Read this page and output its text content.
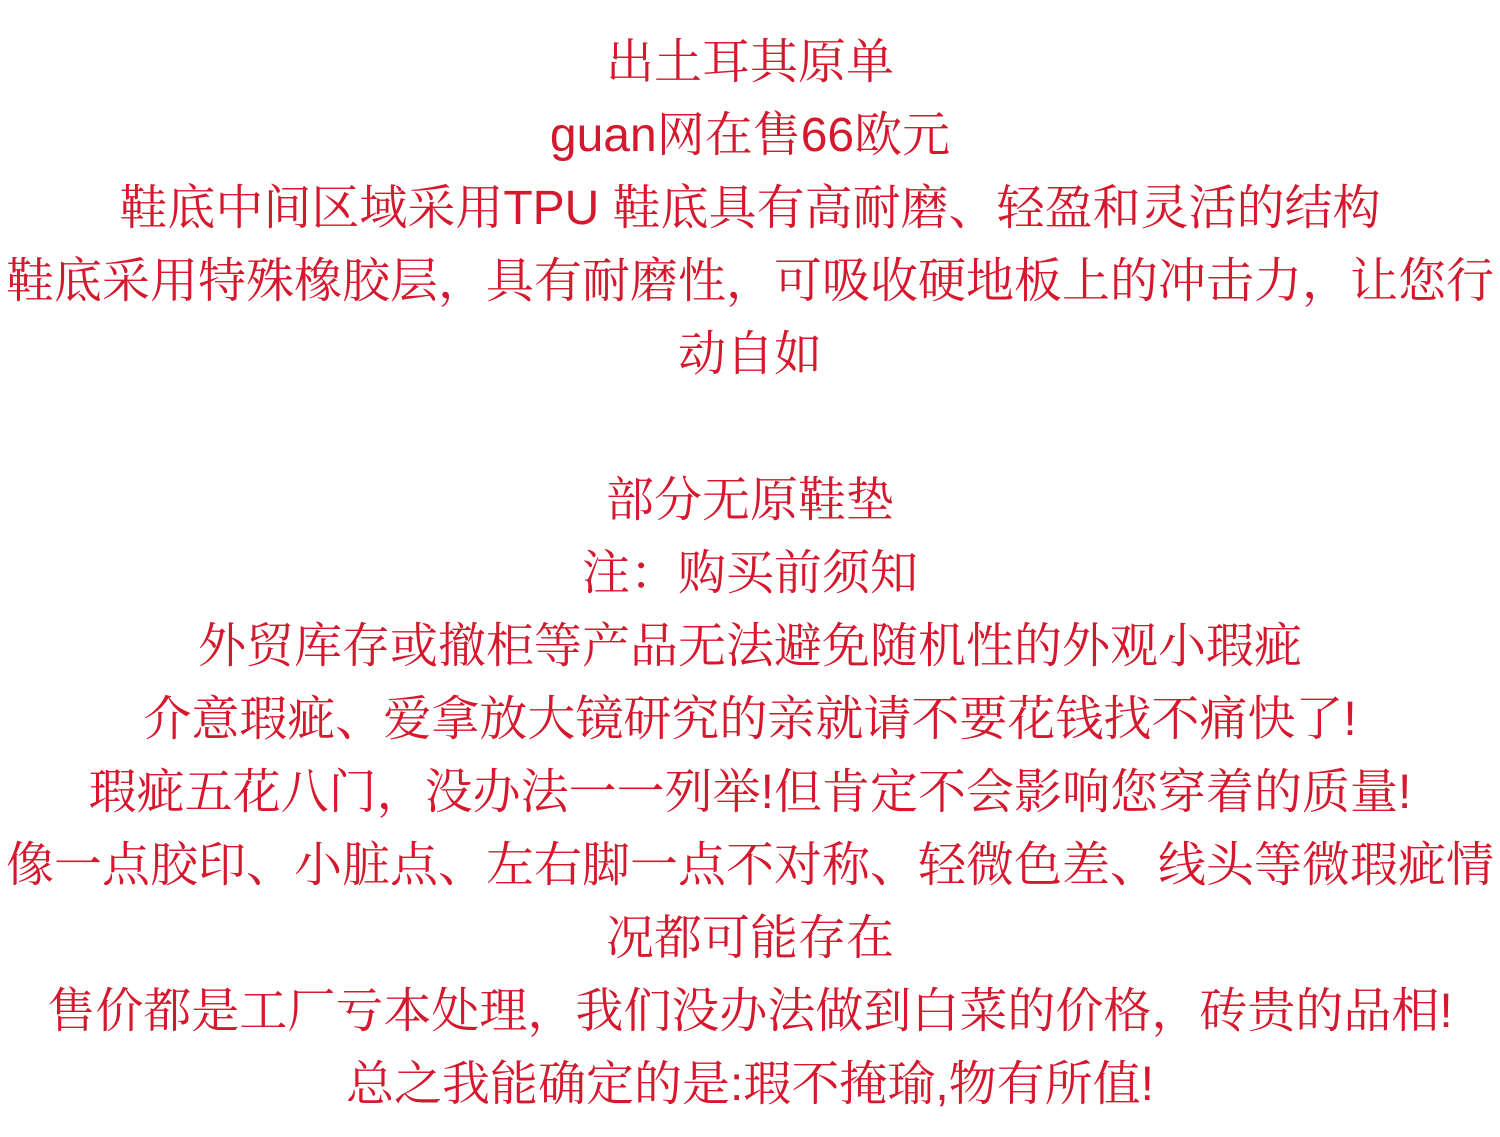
出土耳其原单
guan网在售66欧元
鞋底中间区域采用TPU 鞋底具有高耐磨、轻盈和灵活的结构
鞋底采用特殊橡胶层，具有耐磨性，可吸收硬地板上的冲击力，让您行
动自如
部分无原鞋垫
注：购买前须知
外贸库存或撤柜等产品无法避免随机性的外观小瑕疵
介意瑕疵、爱拿放大镜研究的亲就请不要花钱找不痛快了!
瑕疵五花八门，没办法一一列举!但肯定不会影响您穿着的质量!
像一点胶印、小脏点、左右脚一点不对称、轻微色差、线头等微瑕疵情
况都可能存在
售价都是工厂亏本处理，我们没办法做到白菜的价格，砖贵的品相!
总之我能确定的是:瑕不掩瑜,物有所值!
